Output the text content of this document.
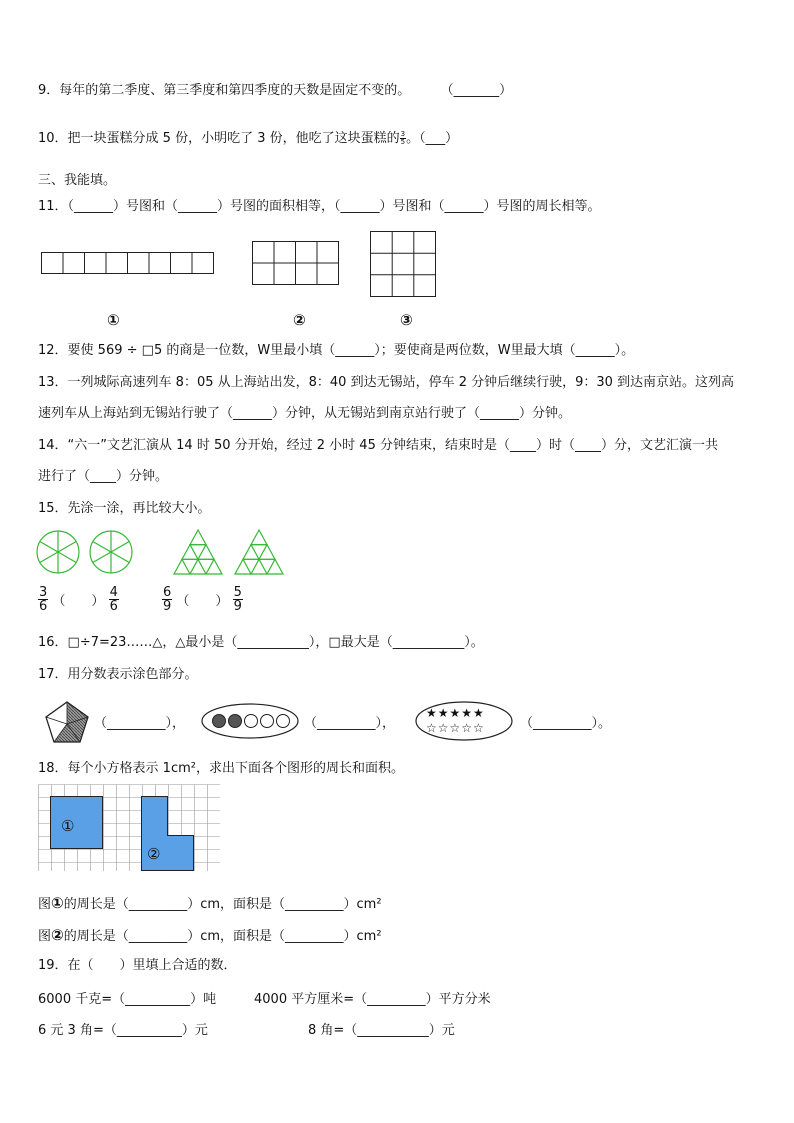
9．每年的第二季度、第三季度和第四季度的天数是固定不变的。 （_______）
10．把一块蛋糕分成 5 份，小明吃了 3 份，他吃了这块蛋糕的 $\frac{3}{5}$ 。（___）
三、我能填。
11．（______）号图和（______）号图的面积相等，（______）号图和（______）号图的周长相等。
①	②	③
12．要使 569 ÷ □5 的商是一位数，W里最小填（______）；要使商是两位数，W里最大填（______）。
13．一列城际高速列车 8：05 从上海站出发，8：40 到达无锡站，停车 2 分钟后继续行驶，9：30 到达南京站。这列高
速列车从上海站到无锡站行驶了（______）分钟，从无锡站到南京站行驶了（______）分钟。
14．“六一”文艺汇演从 14 时 50 分开始，经过 2 小时 45 分钟结束，结束时是（____）时（____）分，文艺汇演一共
进行了（____）分钟。
15．先涂一涂，再比较大小。
$\frac{3}{6}$ （　　） $\frac{4}{6}$	$\frac{6}{9}$ （　　） $\frac{5}{9}$
16．□÷7=23……△，△最小是（___________），□最大是（___________）。
17．用分数表示涂色部分。
（_________），	（_________），
★★★★★
☆☆☆☆☆	（_________）。
18．每个小方格表示 1cm²，求出下面各个图形的周长和面积。
①
②
图①的周长是（_________）cm，面积是（_________）cm²
图②的周长是（_________）cm，面积是（_________）cm²
19．在（　　）里填上合适的数．
6000 千克=（__________）吨	4000 平方厘米=（_________）平方分米
6 元 3 角=（__________）元	8 角=（___________）元
